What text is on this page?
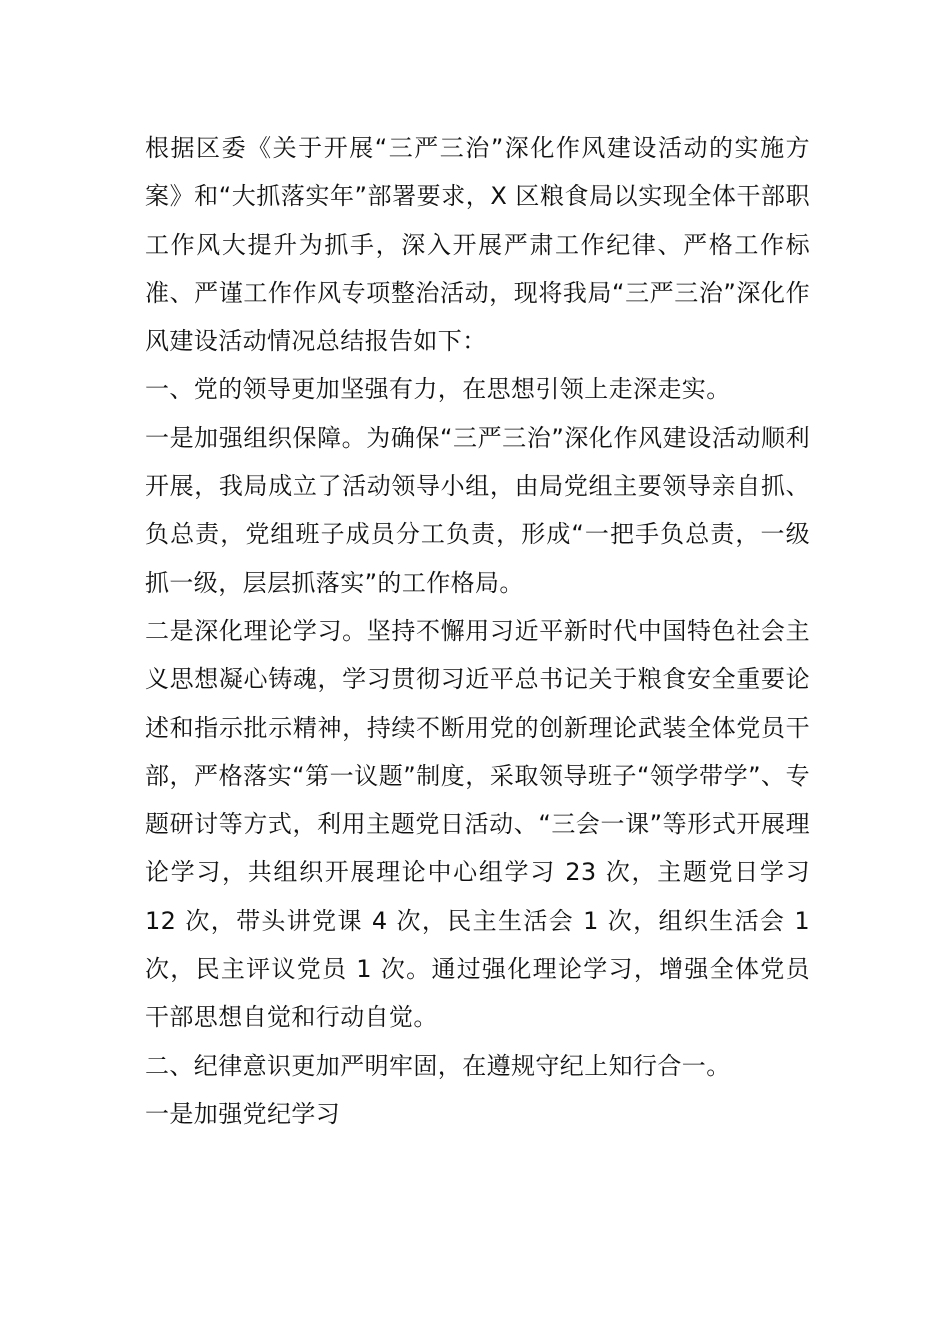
根据区委《关于开展“三严三治”深化作风建设活动的实施方案》和“大抓落实年”部署要求，X 区粮食局以实现全体干部职工作风大提升为抓手，深入开展严肃工作纪律、严格工作标准、严谨工作作风专项整治活动，现将我局“三严三治”深化作风建设活动情况总结报告如下：

一、党的领导更加坚强有力，在思想引领上走深走实。

一是加强组织保障。为确保“三严三治”深化作风建设活动顺利开展，我局成立了活动领导小组，由局党组主要领导亲自抓、负总责，党组班子成员分工负责，形成“一把手负总责，一级抓一级，层层抓落实”的工作格局。

二是深化理论学习。坚持不懈用习近平新时代中国特色社会主义思想凝心铸魂，学习贯彻习近平总书记关于粮食安全重要论述和指示批示精神，持续不断用党的创新理论武装全体党员干部，严格落实“第一议题”制度，采取领导班子“领学带学”、专题研讨等方式，利用主题党日活动、“三会一课”等形式开展理论学习，共组织开展理论中心组学习 23 次，主题党日学习 12 次，带头讲党课 4 次，民主生活会 1 次，组织生活会 1 次，民主评议党员 1 次。通过强化理论学习，增强全体党员干部思想自觉和行动自觉。

二、纪律意识更加严明牢固，在遵规守纪上知行合一。

一是加强党纪学习
